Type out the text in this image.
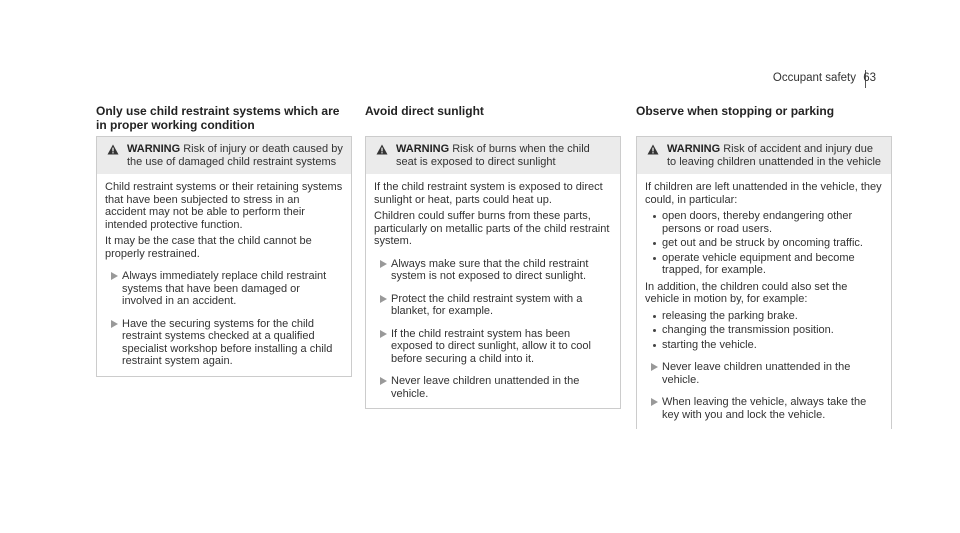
Occupant safety 63
Only use child restraint systems which are in proper working condition
WARNING Risk of injury or death caused by the use of damaged child restraint systems

Child restraint systems or their retaining systems that have been subjected to stress in an accident may not be able to perform their intended protective function.

It may be the case that the child cannot be properly restrained.

Always immediately replace child restraint systems that have been damaged or involved in an accident.
Have the securing systems for the child restraint systems checked at a qualified specialist workshop before installing a child restraint system again.
Avoid direct sunlight
WARNING Risk of burns when the child seat is exposed to direct sunlight

If the child restraint system is exposed to direct sunlight or heat, parts could heat up.

Children could suffer burns from these parts, particularly on metallic parts of the child restraint system.

Always make sure that the child restraint system is not exposed to direct sunlight.
Protect the child restraint system with a blanket, for example.
If the child restraint system has been exposed to direct sunlight, allow it to cool before securing a child into it.
Never leave children unattended in the vehicle.
Observe when stopping or parking
WARNING Risk of accident and injury due to leaving children unattended in the vehicle

If children are left unattended in the vehicle, they could, in particular:

open doors, thereby endangering other persons or road users.
get out and be struck by oncoming traffic.
operate vehicle equipment and become trapped, for example.

In addition, the children could also set the vehicle in motion by, for example:

releasing the parking brake.
changing the transmission position.
starting the vehicle.
Never leave children unattended in the vehicle.
When leaving the vehicle, always take the key with you and lock the vehicle.
